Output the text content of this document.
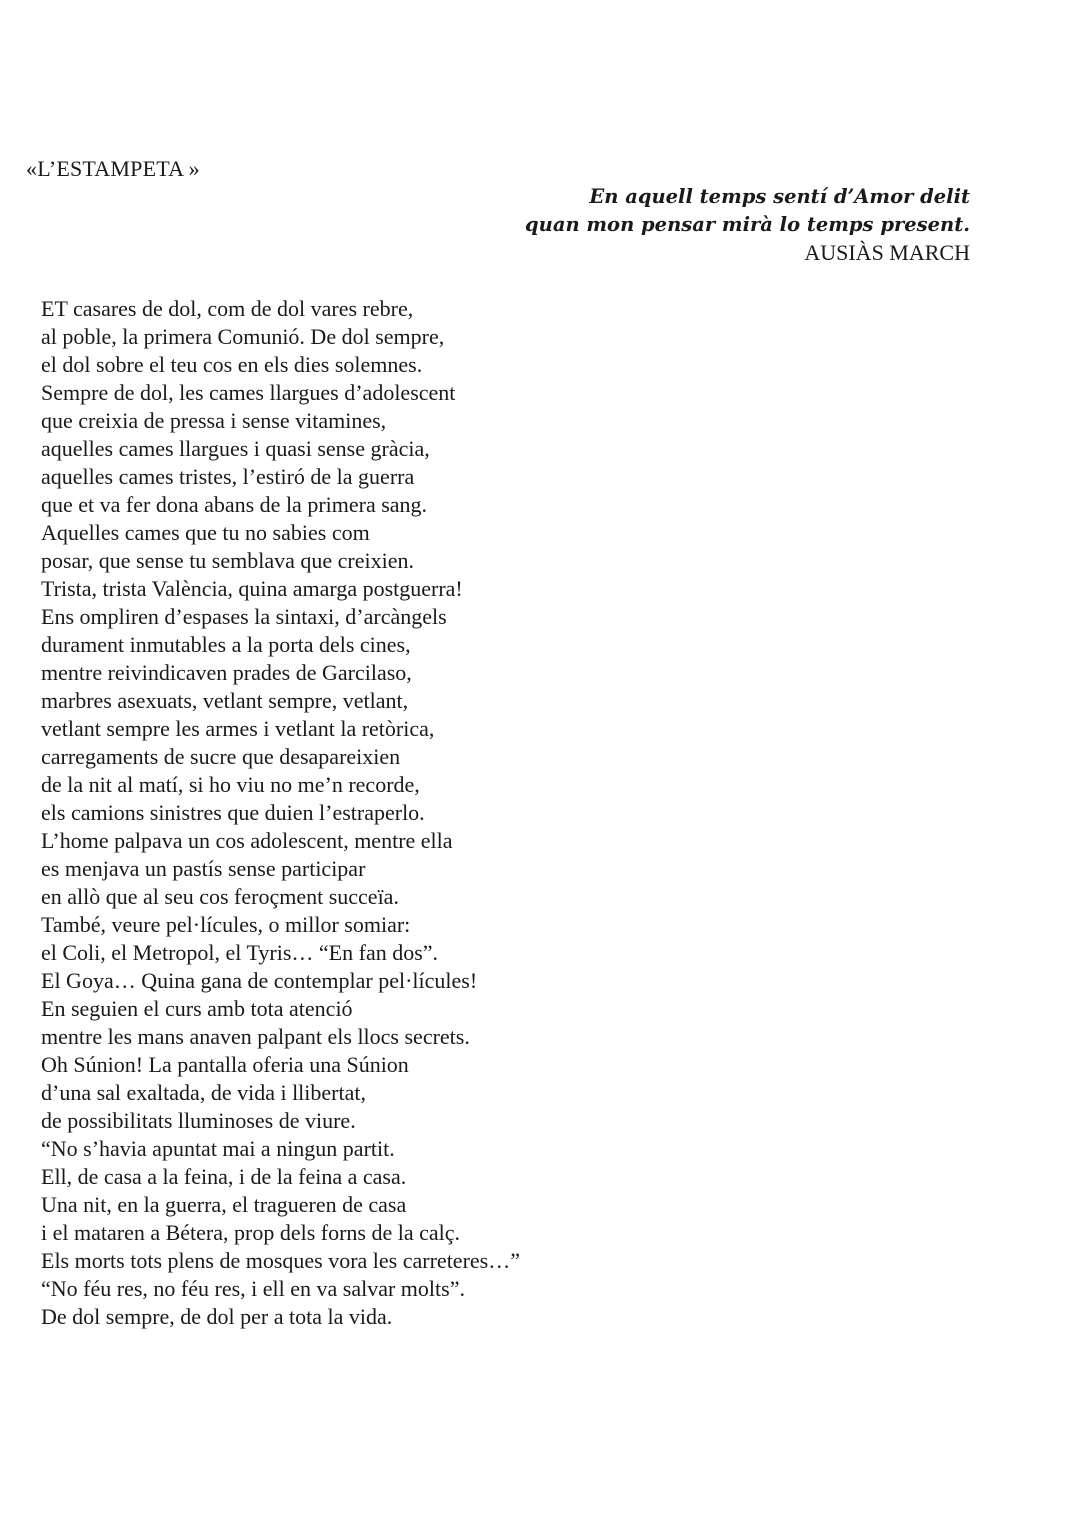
«L’ESTAMPETA »
En aquell temps sentí d’Amor delit
quan mon pensar mirà lo temps present.
AUSIÀS MARCH
ET casares de dol, com de dol vares rebre,
al poble, la primera Comunió. De dol sempre,
el dol sobre el teu cos en els dies solemnes.
Sempre de dol, les cames llargues d’adolescent
que creixia de pressa i sense vitamines,
aquelles cames llargues i quasi sense gràcia,
aquelles cames tristes, l’estiró de la guerra
que et va fer dona abans de la primera sang.
Aquelles cames que tu no sabies com
posar, que sense tu semblava que creixien.
Trista, trista València, quina amarga postguerra!
Ens ompliren d’espases la sintaxi, d’arcàngels
durament inmutables a la porta dels cines,
mentre reivindicaven prades de Garcilaso,
marbres asexuats, vetlant sempre, vetlant,
vetlant sempre les armes i vetlant la retòrica,
carregaments de sucre que desapareixien
de la nit al matí, si ho viu no me’n recorde,
els camions sinistres que duien l’estraperlo.
L’home palpava un cos adolescent, mentre ella
es menjava un pastís sense participar
en allò que al seu cos feroçment succeïa.
També, veure pel·lícules, o millor somiar:
el Coli, el Metropol, el Tyris… “En fan dos”.
El Goya… Quina gana de contemplar pel·lícules!
En seguien el curs amb tota atenció
mentre les mans anaven palpant els llocs secrets.
Oh Súnion! La pantalla oferia una Súnion
d’una sal exaltada, de vida i llibertat,
de possibilitats lluminoses de viure.
“No s’havia apuntat mai a ningun partit.
Ell, de casa a la feina, i de la feina a casa.
Una nit, en la guerra, el tragueren de casa
i el mataren a Bétera, prop dels forns de la calç.
Els morts tots plens de mosques vora les carreteres…”
“No féu res, no féu res, i ell en va salvar molts”.
De dol sempre, de dol per a tota la vida.
